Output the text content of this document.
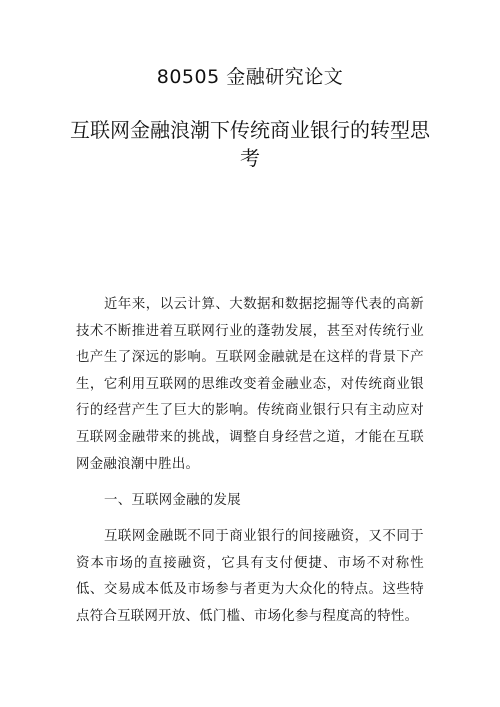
80505 金融研究论文
互联网金融浪潮下传统商业银行的转型思考

近年来，以云计算、大数据和数据挖掘等代表的高新技术不断推进着互联网行业的蓬勃发展，甚至对传统行业也产生了深远的影响。互联网金融就是在这样的背景下产生，它利用互联网的思维改变着金融业态，对传统商业银行的经营产生了巨大的影响。传统商业银行只有主动应对互联网金融带来的挑战，调整自身经营之道，才能在互联网金融浪潮中胜出。

一、互联网金融的发展

互联网金融既不同于商业银行的间接融资，又不同于资本市场的直接融资，它具有支付便捷、市场不对称性低、交易成本低及市场参与者更为大众化的特点。这些特点符合互联网开放、低门槛、市场化参与程度高的特性。
